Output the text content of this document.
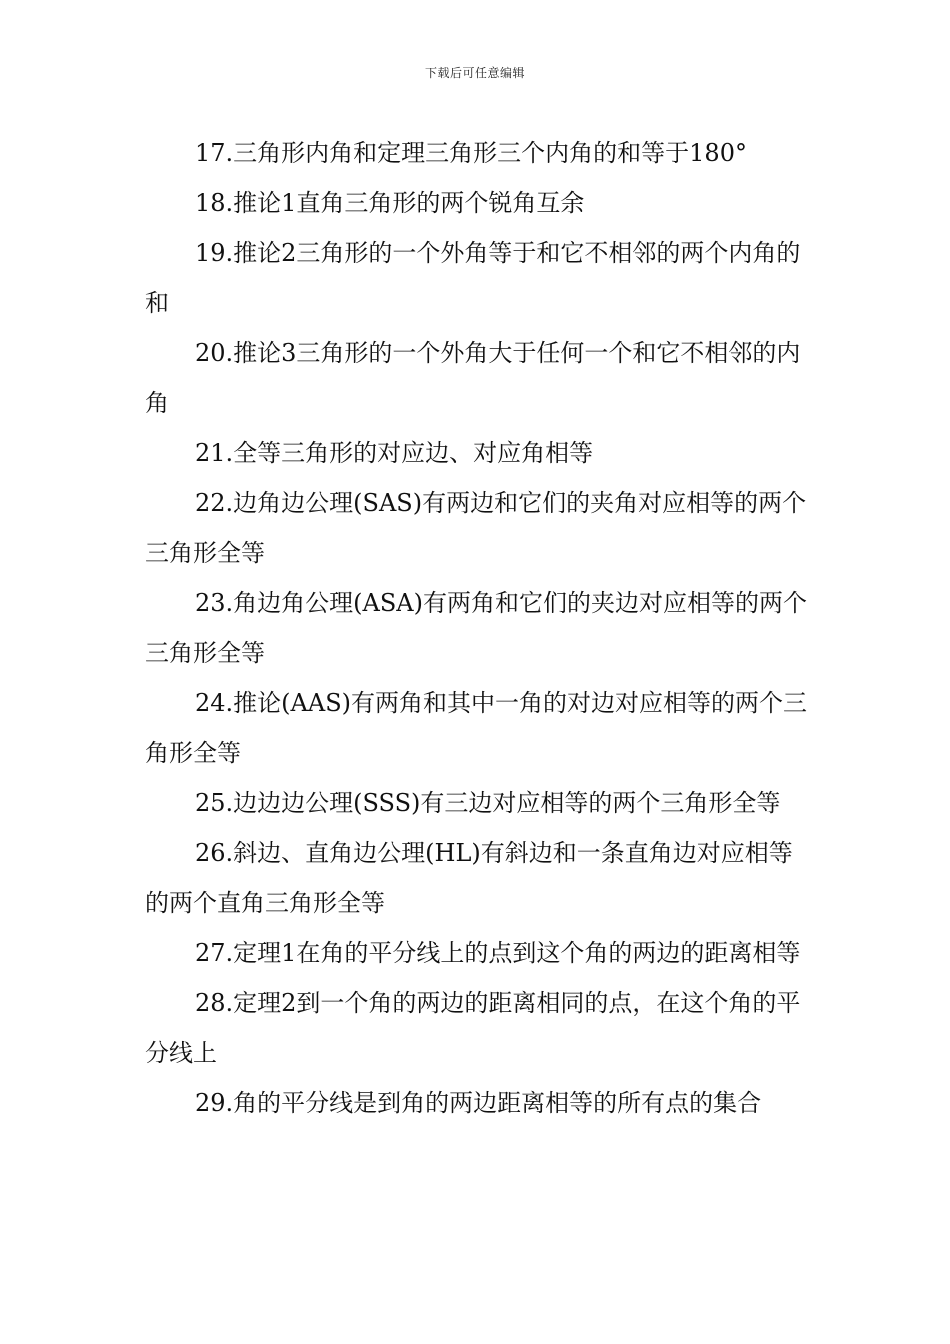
下载后可任意编辑

17.三角形内角和定理三角形三个内角的和等于180°

18.推论1直角三角形的两个锐角互余

19.推论2三角形的一个外角等于和它不相邻的两个内角的和

20.推论3三角形的一个外角大于任何一个和它不相邻的内角

21.全等三角形的对应边、对应角相等

22.边角边公理(SAS)有两边和它们的夹角对应相等的两个三角形全等

23.角边角公理(ASA)有两角和它们的夹边对应相等的两个三角形全等

24.推论(AAS)有两角和其中一角的对边对应相等的两个三角形全等

25.边边边公理(SSS)有三边对应相等的两个三角形全等

26.斜边、直角边公理(HL)有斜边和一条直角边对应相等的两个直角三角形全等

27.定理1在角的平分线上的点到这个角的两边的距离相等

28.定理2到一个角的两边的距离相同的点，在这个角的平分线上

29.角的平分线是到角的两边距离相等的所有点的集合
